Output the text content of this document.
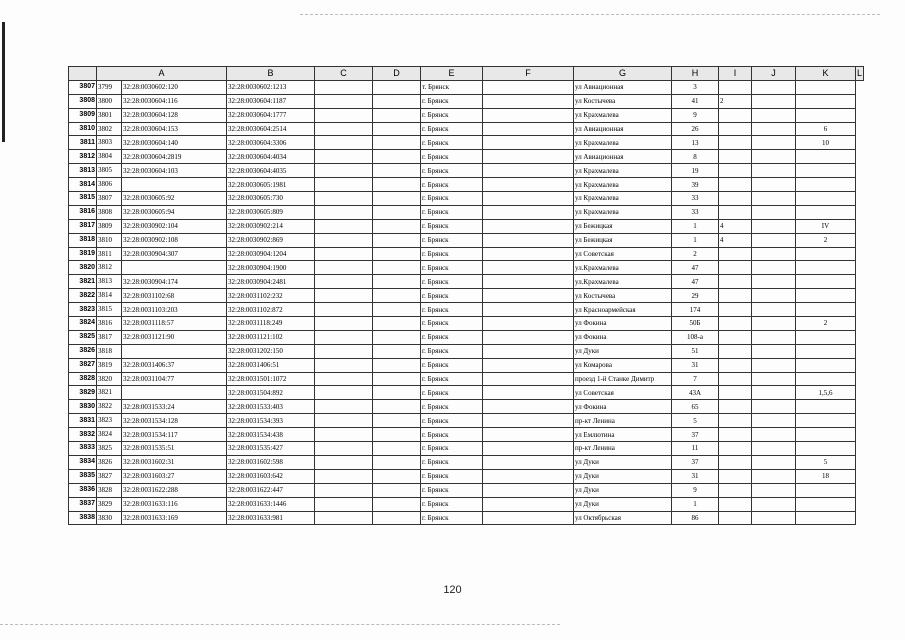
	A		B	C	D	E	F	G	H	I	J	K	L
3807	3799	32:28:0030602:120	32:28:0030602:1213			т. Брянск		ул Авиационная	3				
3808	3800	32:28:0030604:116	32:28:0030604:1187			г. Брянск		ул Костычева	41	2			
3809	3801	32:28:0030604:128	32:28:0030604:1777			г. Брянск		ул Крахмалева	9				
3810	3802	32:28:0030604:153	32:28:0030604:2514			г. Брянск		ул Авиационная	26			6	
3811	3803	32:28:0030604:140	32:28:0030604:3306			г. Брянск		ул Крахмалева	13			10	
3812	3804	32:28:0030604:2819	32:28:0030604:4034			г. Брянск		ул Авиационная	8				
3813	3805	32:28:0030604:103	32:28:0030604:4035			г. Брянск		ул Крахмалева	19				
3814	3806		32:28:0030605:1981			г. Брянск		ул Крахмалева	39				
3815	3807	32:28:0030605:92	32:28:0030605:730			г. Брянск		ул Крахмалева	33				
3816	3808	32:28:0030605:94	32:28:0030605:809			г. Брянск		ул Крахмалева	33				
3817	3809	32:28:0030902:104	32:28:0030902:214			г. Брянск		ул Бежицкая	1	4		IV	
3818	3810	32:28:0030902:108	32:28:0030902:869			г. Брянск		ул Бежицкая	1	4		2	
3819	3811	32:28:0030904:307	32:28:0030904:1204			г. Брянск		ул Советская	2				
3820	3812		32:28:0030904:1900			г. Брянск		ул.Крахмалева	47				
3821	3813	32:28:0030904:174	32:28:0030904:2481			г. Брянск		ул.Крахмалева	47				
3822	3814	32:28:0031102:68	32:28:0031102:232			г. Брянск		ул Костычева	29				
3823	3815	32:28:0031103:203	32:28:0031102:872			г. Брянск		ул Красноармейская	174				
3824	3816	32:28:0031118:57	32:28:0031118:249			г. Брянск		ул Фокина	50Б			2	
3825	3817	32:28:0031121:90	32:28:0031121:102			г. Брянск		ул Фокина	108-а				
3826	3818		32:28:0031202:150			г. Брянск		ул Дуки	51				
3827	3819	32:28:0031406:37	32:28:0031406:51			г. Брянск		ул Комарова	31				
3828	3820	32:28:0031104:77	32:28:0031501:1072			г. Брянск		проезд 1-й Станке Димитр	7				
3829	3821		32:28:0031504:892			г. Брянск		ул Советская	43А			1,5,6	
3830	3822	32:28:0031533:24	32:28:0031533:403			г. Брянск		ул Фокина	65				
3831	3823	32:28:0031534:128	32:28:0031534:393			г. Брянск		пр-кт Ленина	5				
3832	3824	32:28:0031534:117	32:28:0031534:438			г. Брянск		ул Емлютина	37				
3833	3825	32:28:0031535:51	32:28:0031535:427			г. Брянск		пр-кт Ленина	11				
3834	3826	32:28:0031602:31	32:28:0031602:598			г. Брянск		ул Дуки	37			5	
3835	3827	32:28:0031603:27	32:28:0031603:642			г. Брянск		ул Дуки	31			18	
3836	3828	32:28:0031622:288	32:28:0031622:447			г. Брянск		ул Дуки	9				
3837	3829	32:28:0031633:116	32:28:0031633:1446			г. Брянск		ул Дуки	1				
3838	3830	32:28:0031633:169	32:28:0031633:981			г. Брянск		ул Октябрьская	86				
120
